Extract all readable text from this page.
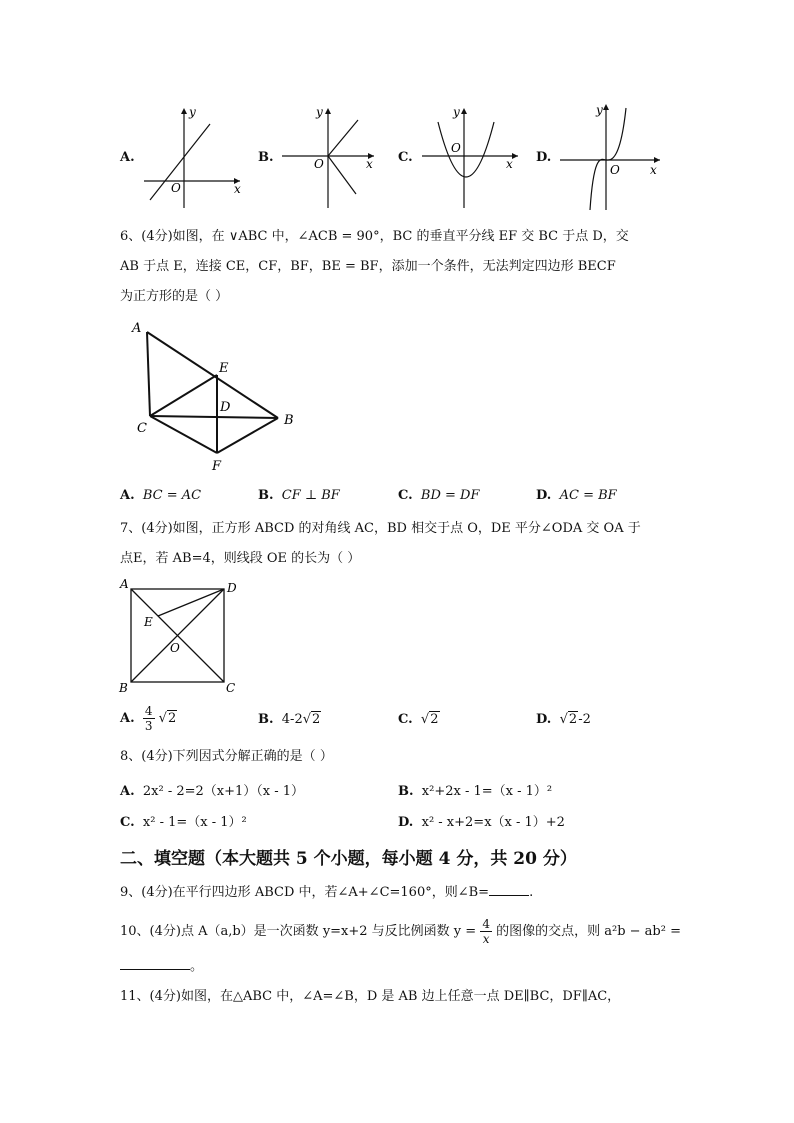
A.
y
x
O
B.
y
x
O	C.
y
x
O
D.
y
x
O
6、(4分)如图，在 ∨ABC 中，∠ACB = 90°，BC 的垂直平分线 EF 交 BC 于点 D，交
AB 于点 E，连接 CE，CF，BF，BE = BF，添加一个条件，无法判定四边形 BECF
为正方形的是（ ）
A
E
D
B
C
F
A. BC = AC	B. CF ⊥ BF	C. BD = DF	D. AC = BF
7、(4分)如图，正方形 ABCD 的对角线 AC，BD 相交于点 O，DE 平分∠ODA 交 OA 于
点E，若 AB=4，则线段 OE 的长为（ ）
A	D
E
O
B	C
A. $\frac{4}{3} √2$	B. 4-2√2	C.  √2	D.  √2-2
8、(4分)下列因式分解正确的是（ ）
A. 2x² - 2=2（x+1）（x - 1）	B. x²+2x - 1=（x - 1）²
C. x² - 1=（x - 1）²	D. x² - x+2=x（x - 1）+2
二、填空题（本大题共 5 个小题，每小题 4 分，共 20 分）
9、(4分)在平行四边形 ABCD 中，若∠A+∠C=160°，则∠B=	.
10、(4分)点 A（a,b）是一次函数 y=x+2 与反比例函数 $y = \frac{4}{x}$ 的图像的交点，则 a²b − ab² =
。
11、(4分)如图，在△ABC 中，∠A=∠B，D 是 AB 边上任意一点 DE∥BC，DF∥AC，
